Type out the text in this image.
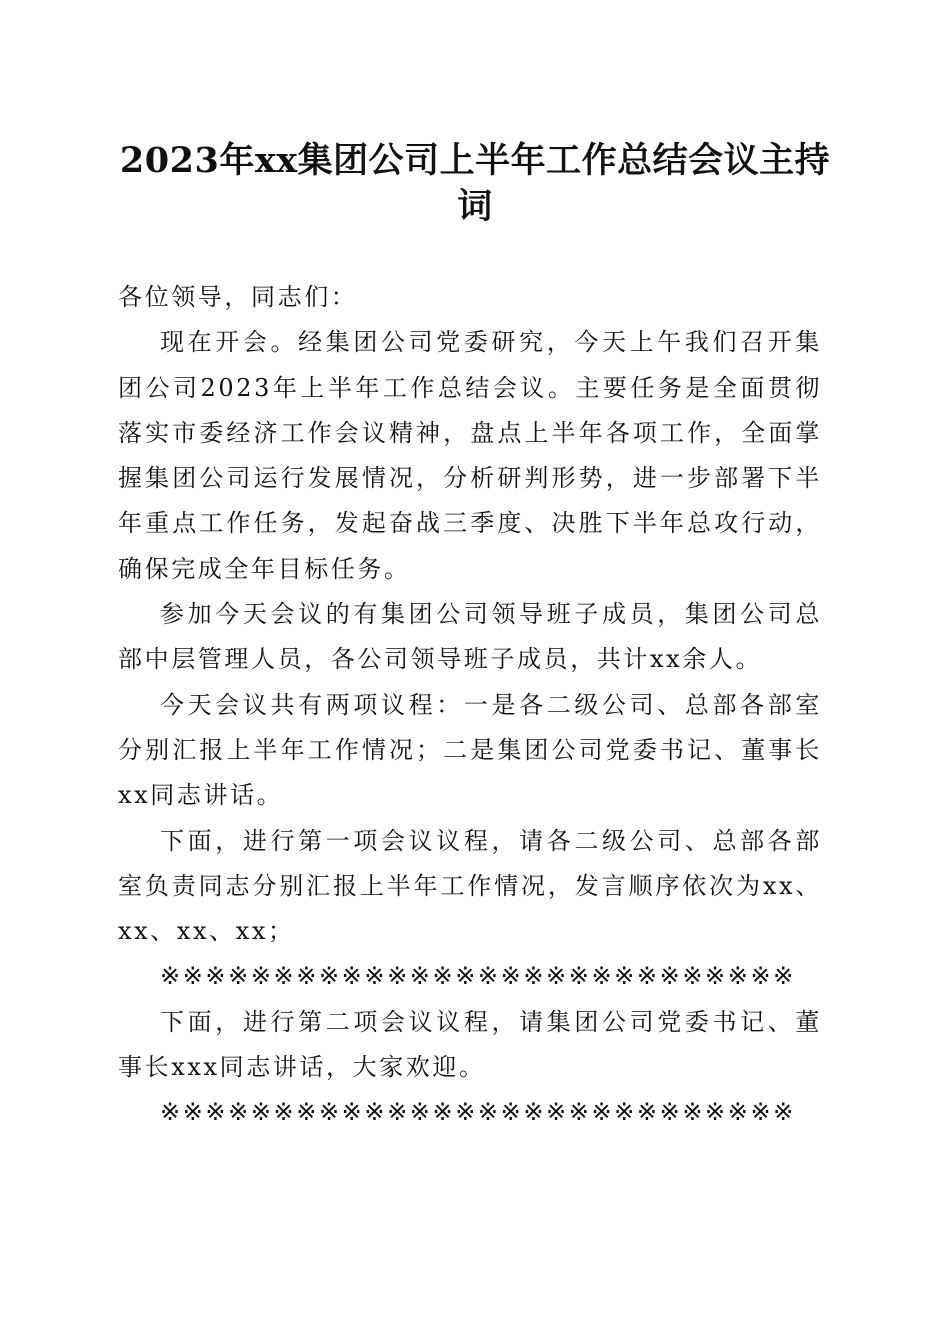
2023年xx集团公司上半年工作总结会议主持词

各位领导，同志们：

现在开会。经集团公司党委研究，今天上午我们召开集团公司2023年上半年工作总结会议。主要任务是全面贯彻落实市委经济工作会议精神，盘点上半年各项工作，全面掌握集团公司运行发展情况，分析研判形势，进一步部署下半年重点工作任务，发起奋战三季度、决胜下半年总攻行动，确保完成全年目标任务。

参加今天会议的有集团公司领导班子成员，集团公司总部中层管理人员，各公司领导班子成员，共计xx余人。

今天会议共有两项议程：一是各二级公司、总部各部室分别汇报上半年工作情况；二是集团公司党委书记、董事长xx同志讲话。

下面，进行第一项会议议程，请各二级公司、总部各部室负责同志分别汇报上半年工作情况，发言顺序依次为xx、xx、xx、xx；

※※※※※※※※※※※※※※※※※※※※※※※※※※※※

下面，进行第二项会议议程，请集团公司党委书记、董事长xxx同志讲话，大家欢迎。

※※※※※※※※※※※※※※※※※※※※※※※※※※※※
